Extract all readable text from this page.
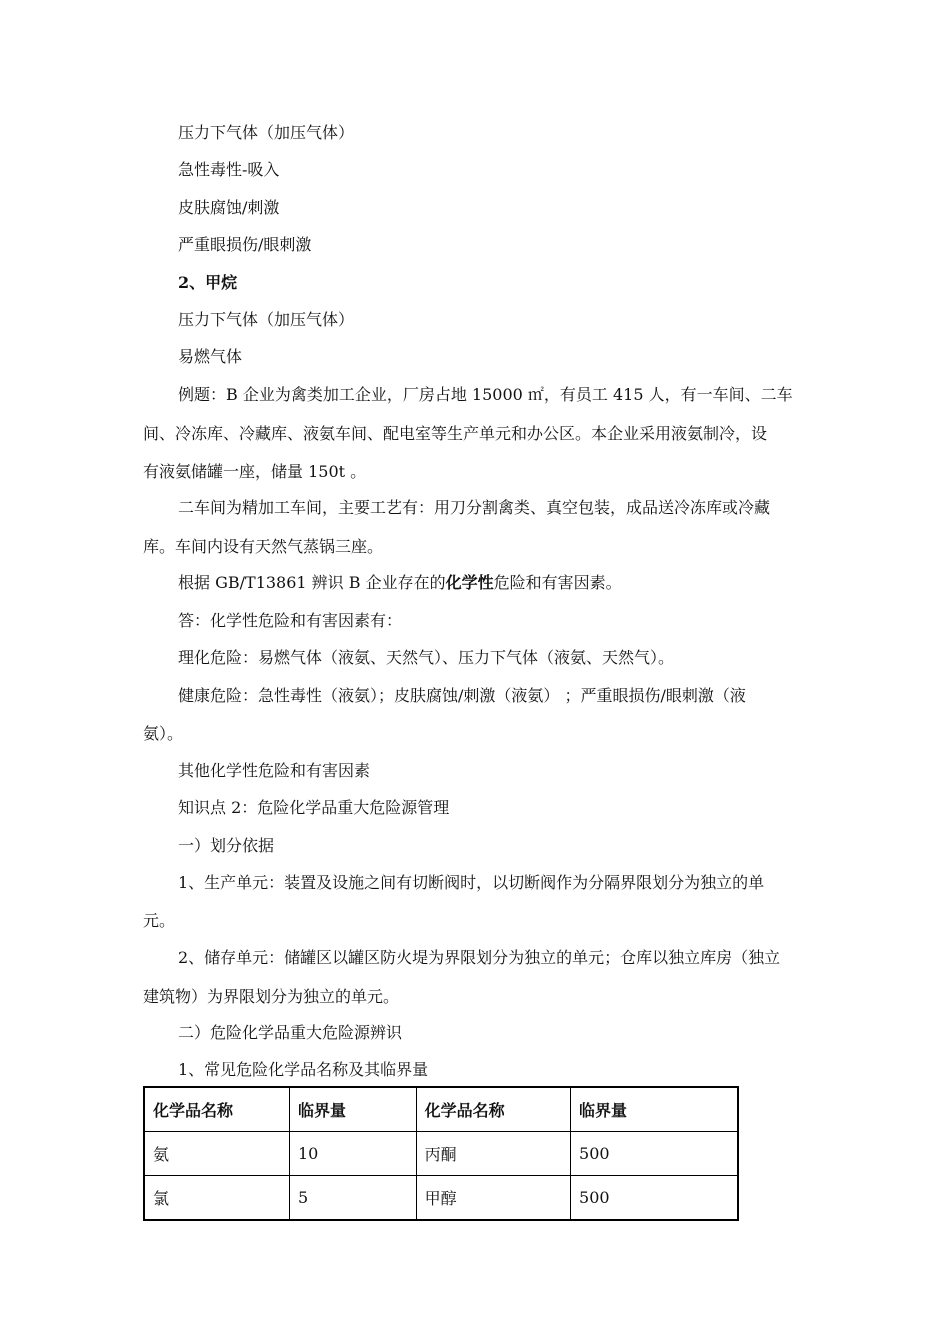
压力下气体（加压气体）
急性毒性-吸入
皮肤腐蚀/刺激
严重眼损伤/眼刺激
2、甲烷
压力下气体（加压气体）
易燃气体
例题：B 企业为禽类加工企业，厂房占地 15000 ㎡，有员工 415 人，有一车间、二车
间、冷冻库、冷藏库、液氨车间、配电室等生产单元和办公区。本企业采用液氨制冷，设
有液氨储罐一座，储量 150t 。
二车间为精加工车间，主要工艺有：用刀分割禽类、真空包装，成品送冷冻库或冷藏
库。车间内设有天然气蒸锅三座。
根据 GB/T13861 辨识 B 企业存在的化学性危险和有害因素。
答：化学性危险和有害因素有：
理化危险：易燃气体（液氨、天然气）、压力下气体（液氨、天然气）。
健康危险：急性毒性（液氨）；皮肤腐蚀/刺激（液氨） ；严重眼损伤/眼刺激（液
氨）。
其他化学性危险和有害因素
知识点 2：危险化学品重大危险源管理
一）划分依据
1、生产单元：装置及设施之间有切断阀时，以切断阀作为分隔界限划分为独立的单
元。
2、储存单元：储罐区以罐区防火堤为界限划分为独立的单元；仓库以独立库房（独立
建筑物）为界限划分为独立的单元。
二）危险化学品重大危险源辨识
1、常见危险化学品名称及其临界量
化学品名称	临界量	化学品名称	临界量
氨	10	丙酮	500
氯	5	甲醇	500
